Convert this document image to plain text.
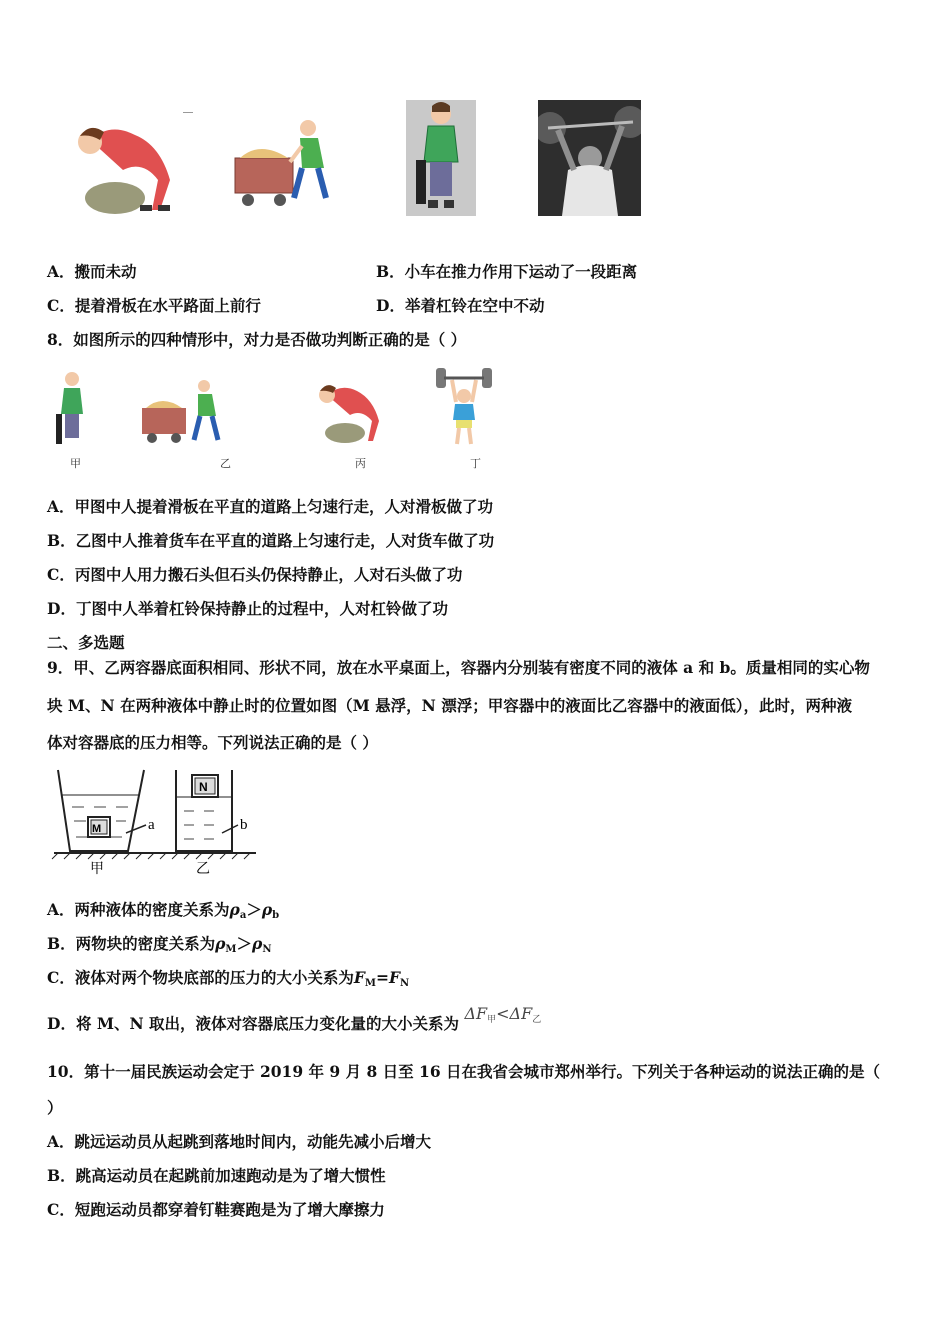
A．搬而未动	B．小车在推力作用下运动了一段距离
C．提着滑板在水平路面上前行	D．举着杠铃在空中不动
8．如图所示的四种情形中，对力是否做功判断正确的是（ ）
甲	乙	丙	丁
A．甲图中人提着滑板在平直的道路上匀速行走，人对滑板做了功
B．乙图中人推着货车在平直的道路上匀速行走，人对货车做了功
C．丙图中人用力搬石头但石头仍保持静止，人对石头做了功
D．丁图中人举着杠铃保持静止的过程中，人对杠铃做了功
二、多选题
9．甲、乙两容器底面积相同、形状不同，放在水平桌面上，容器内分别装有密度不同的液体 a 和 b。质量相同的实心物
块 M、N 在两种液体中静止时的位置如图（M 悬浮，N 漂浮；甲容器中的液面比乙容器中的液面低），此时，两种液
体对容器底的压力相等。下列说法正确的是（ ）
M	a
N
b
甲	乙
A．两种液体的密度关系为$\rho_a>\rho_b$
B．两物块的密度关系为$\rho_M>\rho_N$
C．液体对两个物块底部的压力的大小关系为$F_M=F_N$
D．将 M、N 取出，液体对容器底压力变化量的大小关系为 $\Delta F_甲<\Delta F_乙$
10．第十一届民族运动会定于 2019 年 9 月 8 日至 16 日在我省会城市郑州举行。下列关于各种运动的说法正确的是（
）
A．跳远运动员从起跳到落地时间内，动能先减小后增大
B．跳高运动员在起跳前加速跑动是为了增大惯性
C．短跑运动员都穿着钉鞋赛跑是为了增大摩擦力
